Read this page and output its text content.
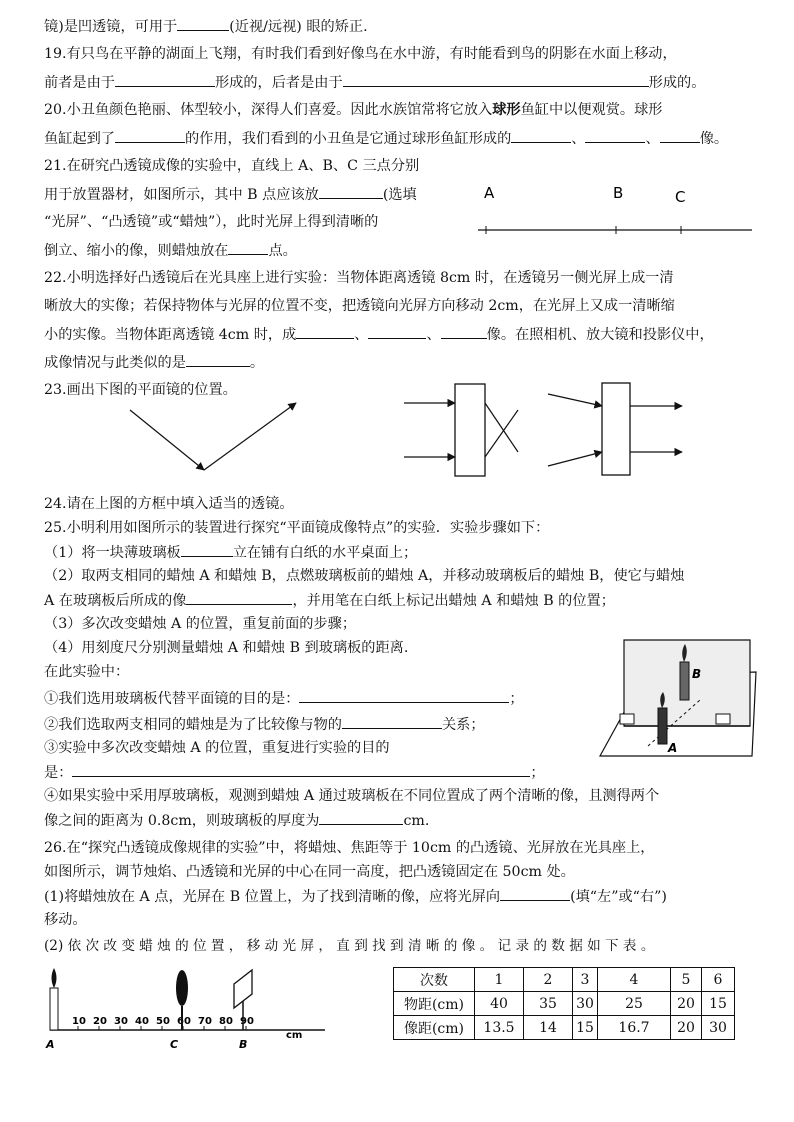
镜)是凹透镜，可用于	(近视/远视) 眼的矫正.
19.有只鸟在平静的湖面上飞翔，有时我们看到好像鸟在水中游，有时能看到鸟的阴影在水面上移动，
前者是由于	形成的，后者是由于	形成的。
20.小丑鱼颜色艳丽、体型较小，深得人们喜爱。因此水族馆常将它放入球形鱼缸中以便观赏。球形
鱼缸起到了	的作用，我们看到的小丑鱼是它通过球形鱼缸形成的	、	、	像。
21.在研究凸透镜成像的实验中，直线上 A、B、C 三点分别
用于放置器材，如图所示，其中 B 点应该放	(选填
“光屏”、“凸透镜”或“蜡烛”），此时光屏上得到清晰的
倒立、缩小的像，则蜡烛放在	点。
A	B	C
22.小明选择好凸透镜后在光具座上进行实验：当物体距离透镜 8cm 时，在透镜另一侧光屏上成一清
晰放大的实像；若保持物体与光屏的位置不变，把透镜向光屏方向移动 2cm，在光屏上又成一清晰缩
小的实像。当物体距离透镜 4cm 时，成	、	、	像。在照相机、放大镜和投影仪中，
成像情况与此类似的是	。
23.画出下图的平面镜的位置。
24.请在上图的方框中填入适当的透镜。
25.小明利用如图所示的装置进行探究“平面镜成像特点”的实验．实验步骤如下：
（1）将一块薄玻璃板	立在铺有白纸的水平桌面上；
（2）取两支相同的蜡烛 A 和蜡烛 B，点燃玻璃板前的蜡烛 A，并移动玻璃板后的蜡烛 B，使它与蜡烛
A 在玻璃板后所成的像	，并用笔在白纸上标记出蜡烛 A 和蜡烛 B 的位置；
（3）多次改变蜡烛 A 的位置，重复前面的步骤；
（4）用刻度尺分别测量蜡烛 A 和蜡烛 B 到玻璃板的距离.
在此实验中：
①我们选用玻璃板代替平面镜的目的是：	；
②我们选取两支相同的蜡烛是为了比较像与物的	关系；
③实验中多次改变蜡烛 A 的位置，重复进行实验的目的
是：	；
④如果实验中采用厚玻璃板，观测到蜡烛 A 通过玻璃板在不同位置成了两个清晰的像，且测得两个
像之间的距离为 0.8cm，则玻璃板的厚度为	cm.
B
A
26.在“探究凸透镜成像规律的实验”中，将蜡烛、焦距等于 10cm 的凸透镜、光屏放在光具座上，
如图所示，调节烛焰、凸透镜和光屏的中心在同一高度，把凸透镜固定在 50cm 处。
(1)将蜡烛放在 A 点，光屏在 B 位置上，为了找到清晰的像，应将光屏向	(填“左”或“右”)
移动。
(2) 依 次 改 变 蜡 烛 的 位 置 ， 移 动 光 屏 ， 直 到 找 到 清 晰 的 像 。 记 录 的 数 据 如 下 表 。
A
10 20 30 40 50 60 70 80 90
C	B
cm
次数	1	2	3	4	5	6
物距(cm)	40	35	30	25	20	15
像距(cm)	13.5	14	15	16.7	20	30
